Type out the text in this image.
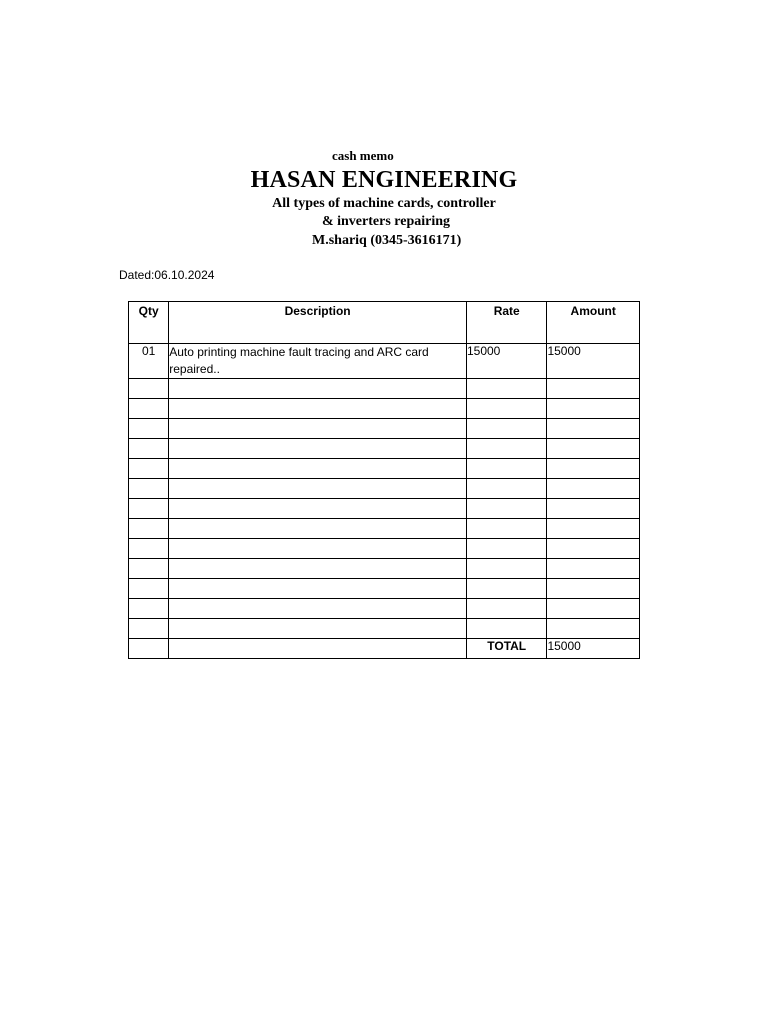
cash memo
HASAN ENGINEERING
All types of machine cards, controller
& inverters repairing
M.shariq (0345-3616171)
Dated:06.10.2024
Qty	Description	Rate	Amount
01	Auto printing machine fault tracing and ARC card repaired..	15000	15000

		TOTAL	15000
